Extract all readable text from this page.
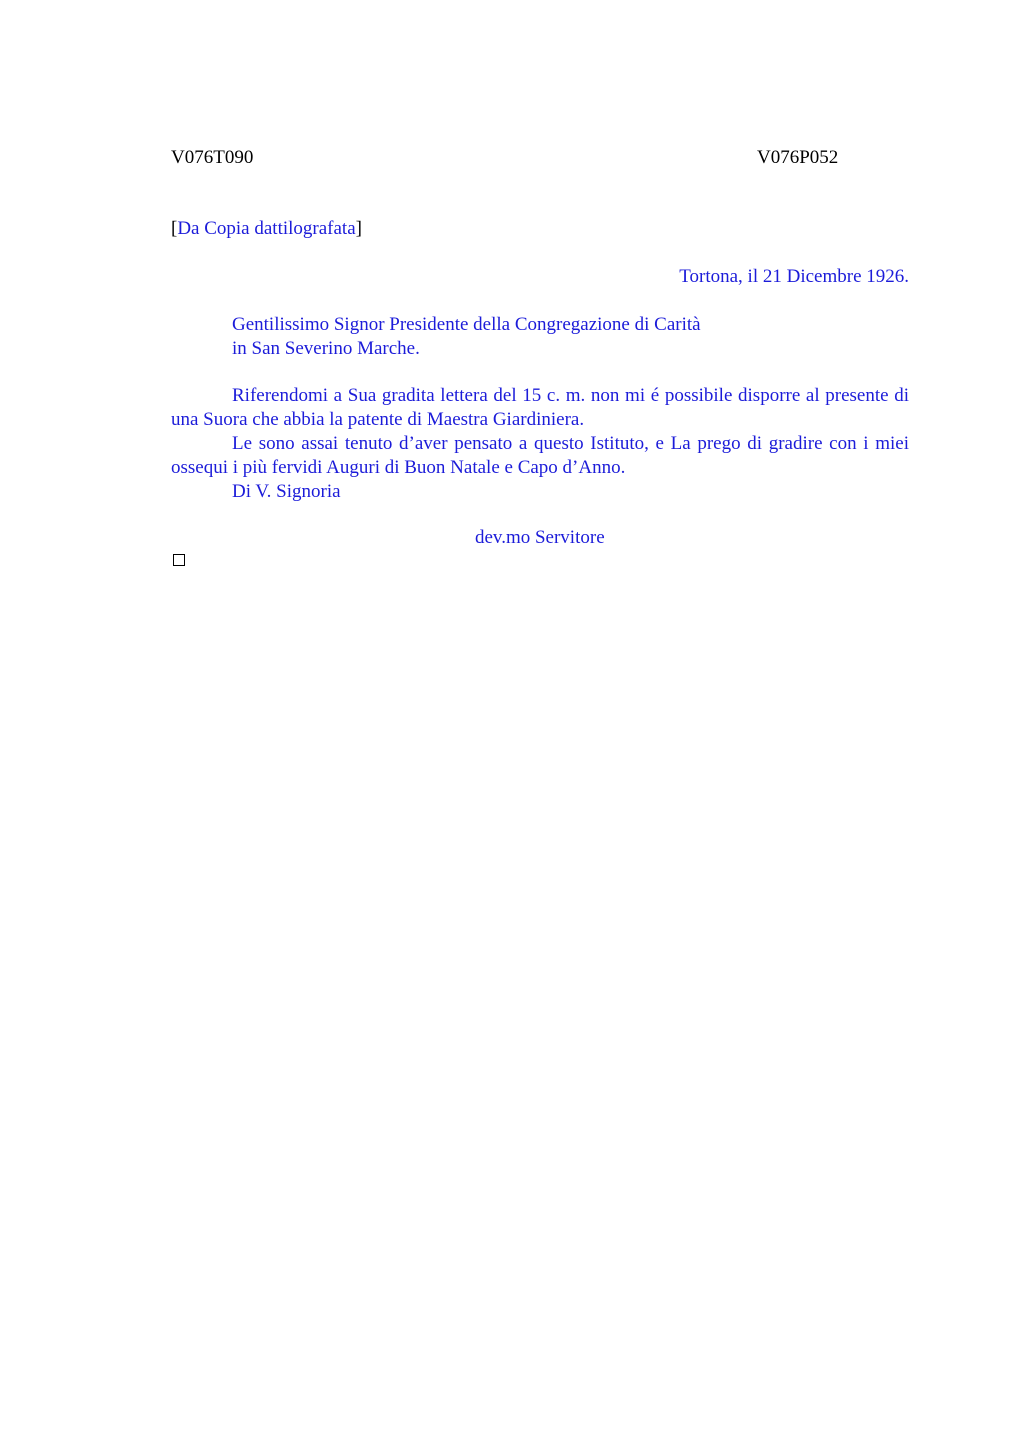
V076T090	V076P052
[Da Copia dattilografata]
Tortona, il 21 Dicembre 1926.
Gentilissimo Signor Presidente della Congregazione di Carità
in San Severino Marche.

Riferendomi a Sua gradita lettera del 15 c. m. non mi é possibile disporre al presente di una Suora che abbia la patente di Maestra Giardiniera.

Le sono assai tenuto d’aver pensato a questo Istituto, e La prego di gradire con i miei ossequi i più fervidi Auguri di Buon Natale e Capo d’Anno.

Di V. Signoria
dev.mo Servitore
